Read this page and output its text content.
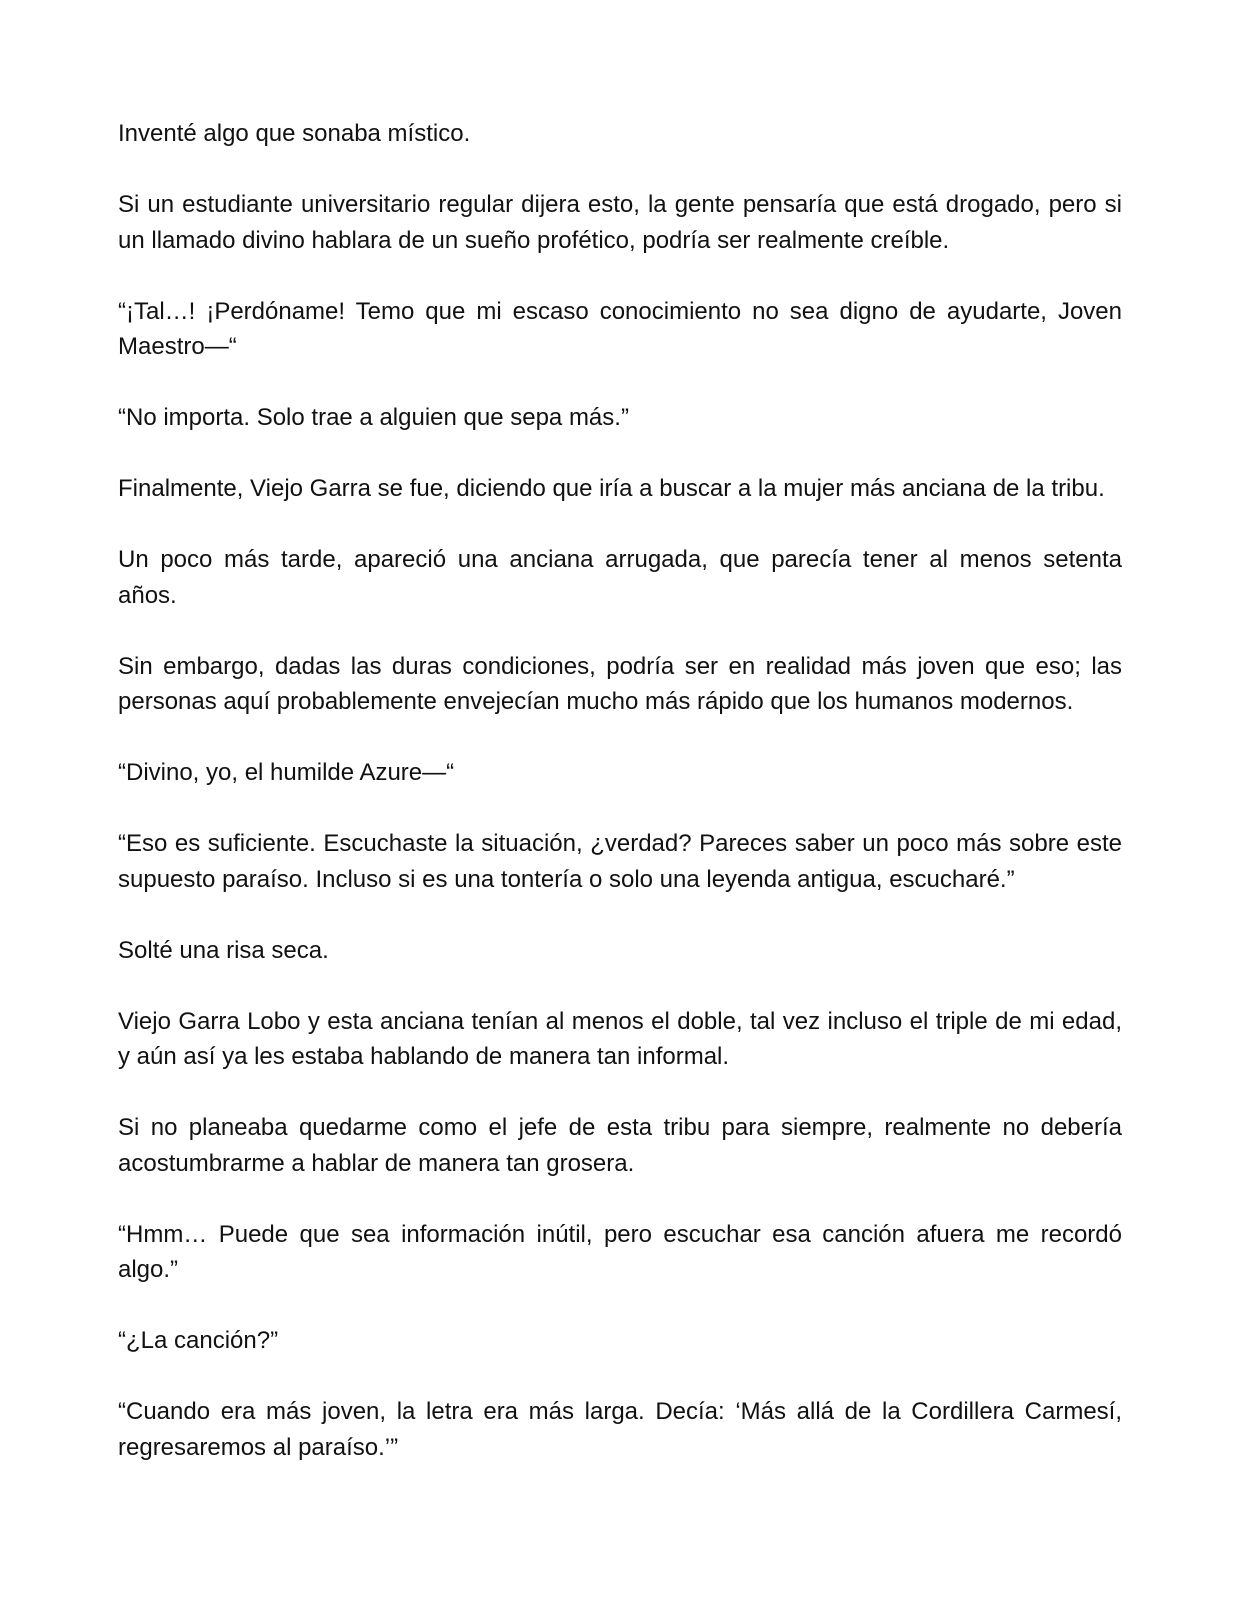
Inventé algo que sonaba místico.

Si un estudiante universitario regular dijera esto, la gente pensaría que está drogado, pero si un llamado divino hablara de un sueño profético, podría ser realmente creíble.

“¡Tal…! ¡Perdóname! Temo que mi escaso conocimiento no sea digno de ayudarte, Joven Maestro—“

“No importa. Solo trae a alguien que sepa más.”

Finalmente, Viejo Garra se fue, diciendo que iría a buscar a la mujer más anciana de la tribu.

Un poco más tarde, apareció una anciana arrugada, que parecía tener al menos setenta años.

Sin embargo, dadas las duras condiciones, podría ser en realidad más joven que eso; las personas aquí probablemente envejecían mucho más rápido que los humanos modernos.

“Divino, yo, el humilde Azure—“

“Eso es suficiente. Escuchaste la situación, ¿verdad? Pareces saber un poco más sobre este supuesto paraíso. Incluso si es una tontería o solo una leyenda antigua, escucharé.”

Solté una risa seca.

Viejo Garra Lobo y esta anciana tenían al menos el doble, tal vez incluso el triple de mi edad, y aún así ya les estaba hablando de manera tan informal.

Si no planeaba quedarme como el jefe de esta tribu para siempre, realmente no debería acostumbrarme a hablar de manera tan grosera.

“Hmm… Puede que sea información inútil, pero escuchar esa canción afuera me recordó algo.”

“¿La canción?”

“Cuando era más joven, la letra era más larga. Decía: ‘Más allá de la Cordillera Carmesí, regresaremos al paraíso.’”
